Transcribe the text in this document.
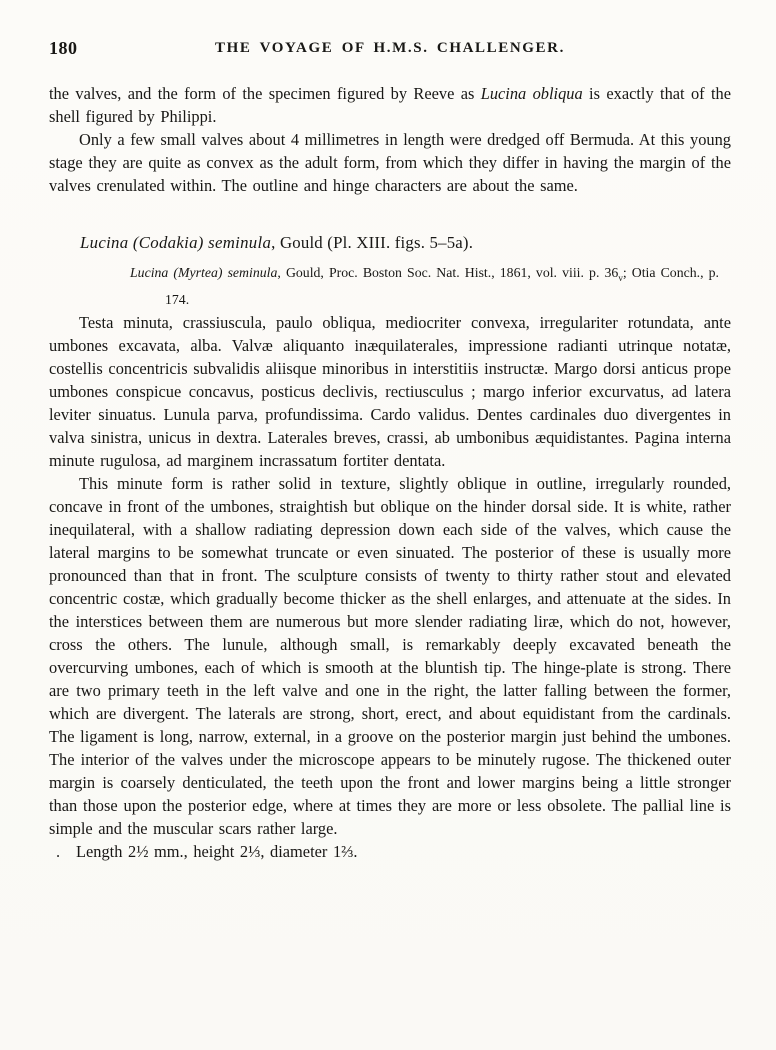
180	THE VOYAGE OF H.M.S. CHALLENGER.

the valves, and the form of the specimen figured by Reeve as Lucina obliqua is exactly that of the shell figured by Philippi.

Only a few small valves about 4 millimetres in length were dredged off Bermuda. At this young stage they are quite as convex as the adult form, from which they differ in having the margin of the valves crenulated within. The outline and hinge characters are about the same.

Lucina (Codakia) seminula, Gould (Pl. XIII. figs. 5–5a).

Lucina (Myrtea) seminula, Gould, Proc. Boston Soc. Nat. Hist., 1861, vol. viii. p. $36_v$; Otia Conch., p. 174.

Testa minuta, crassiuscula, paulo obliqua, mediocriter convexa, irregulariter rotundata, ante umbones excavata, alba. Valvæ aliquanto inæquilaterales, impressione radianti utrinque notatæ, costellis concentricis subvalidis aliisque minoribus in interstitiis instructæ. Margo dorsi anticus prope umbones conspicue concavus, posticus declivis, rectiusculus ; margo inferior excurvatus, ad latera leviter sinuatus. Lunula parva, profundissima. Cardo validus. Dentes cardinales duo divergentes in valva sinistra, unicus in dextra. Laterales breves, crassi, ab umbonibus æquidistantes. Pagina interna minute rugulosa, ad marginem incrassatum fortiter dentata.

This minute form is rather solid in texture, slightly oblique in outline, irregularly rounded, concave in front of the umbones, straightish but oblique on the hinder dorsal side. It is white, rather inequilateral, with a shallow radiating depression down each side of the valves, which cause the lateral margins to be somewhat truncate or even sinuated. The posterior of these is usually more pronounced than that in front. The sculpture consists of twenty to thirty rather stout and elevated concentric costæ, which gradually become thicker as the shell enlarges, and attenuate at the sides. In the interstices between them are numerous but more slender radiating liræ, which do not, however, cross the others. The lunule, although small, is remarkably deeply excavated beneath the overcurving umbones, each of which is smooth at the bluntish tip. The hinge-plate is strong. There are two primary teeth in the left valve and one in the right, the latter falling between the former, which are divergent. The laterals are strong, short, erect, and about equidistant from the cardinals. The ligament is long, narrow, external, in a groove on the posterior margin just behind the umbones. The interior of the valves under the microscope appears to be minutely rugose. The thickened outer margin is coarsely denticulated, the teeth upon the front and lower margins being a little stronger than those upon the posterior edge, where at times they are more or less obsolete. The pallial line is simple and the muscular scars rather large.

. Length 2½ mm., height 2⅓, diameter 1⅔.
